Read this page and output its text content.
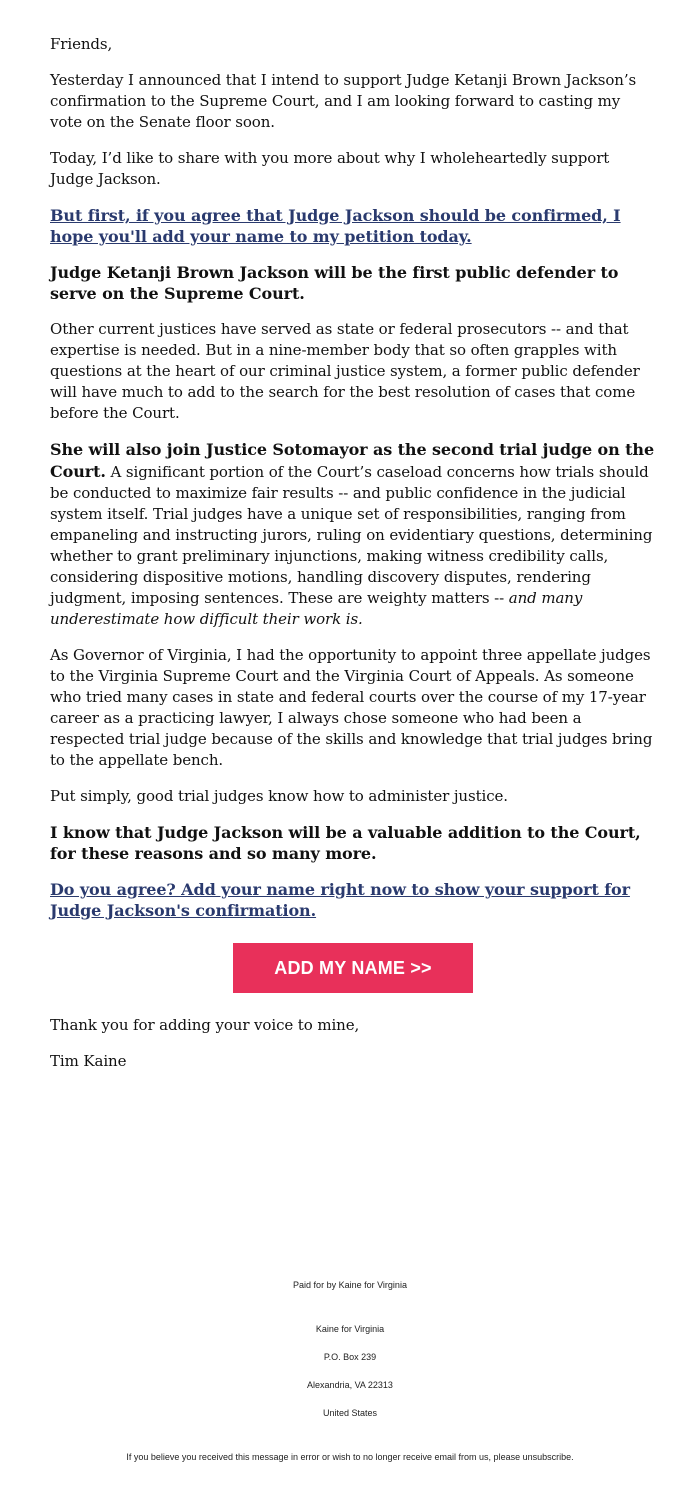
Friends,

Yesterday I announced that I intend to support Judge Ketanji Brown Jackson’s confirmation to the Supreme Court, and I am looking forward to casting my vote on the Senate floor soon.

Today, I’d like to share with you more about why I wholeheartedly support Judge Jackson.

But first, if you agree that Judge Jackson should be confirmed, I hope you'll add your name to my petition today.

Judge Ketanji Brown Jackson will be the first public defender to serve on the Supreme Court.

Other current justices have served as state or federal prosecutors -- and that expertise is needed. But in a nine-member body that so often grapples with questions at the heart of our criminal justice system, a former public defender will have much to add to the search for the best resolution of cases that come before the Court.

She will also join Justice Sotomayor as the second trial judge on the Court. A significant portion of the Court’s caseload concerns how trials should be conducted to maximize fair results -- and public confidence in the judicial system itself. Trial judges have a unique set of responsibilities, ranging from empaneling and instructing jurors, ruling on evidentiary questions, determining whether to grant preliminary injunctions, making witness credibility calls, considering dispositive motions, handling discovery disputes, rendering judgment, imposing sentences. These are weighty matters -- and many underestimate how difficult their work is.

As Governor of Virginia, I had the opportunity to appoint three appellate judges to the Virginia Supreme Court and the Virginia Court of Appeals. As someone who tried many cases in state and federal courts over the course of my 17-year career as a practicing lawyer, I always chose someone who had been a respected trial judge because of the skills and knowledge that trial judges bring to the appellate bench.

Put simply, good trial judges know how to administer justice.

I know that Judge Jackson will be a valuable addition to the Court, for these reasons and so many more.

Do you agree? Add your name right now to show your support for Judge Jackson's confirmation.
ADD MY NAME >>

Thank you for adding your voice to mine,

Tim Kaine

Paid for by Kaine for Virginia
Kaine for Virginia
P.O. Box 239
Alexandria, VA 22313
United States
If you believe you received this message in error or wish to no longer receive email from us, please unsubscribe.
